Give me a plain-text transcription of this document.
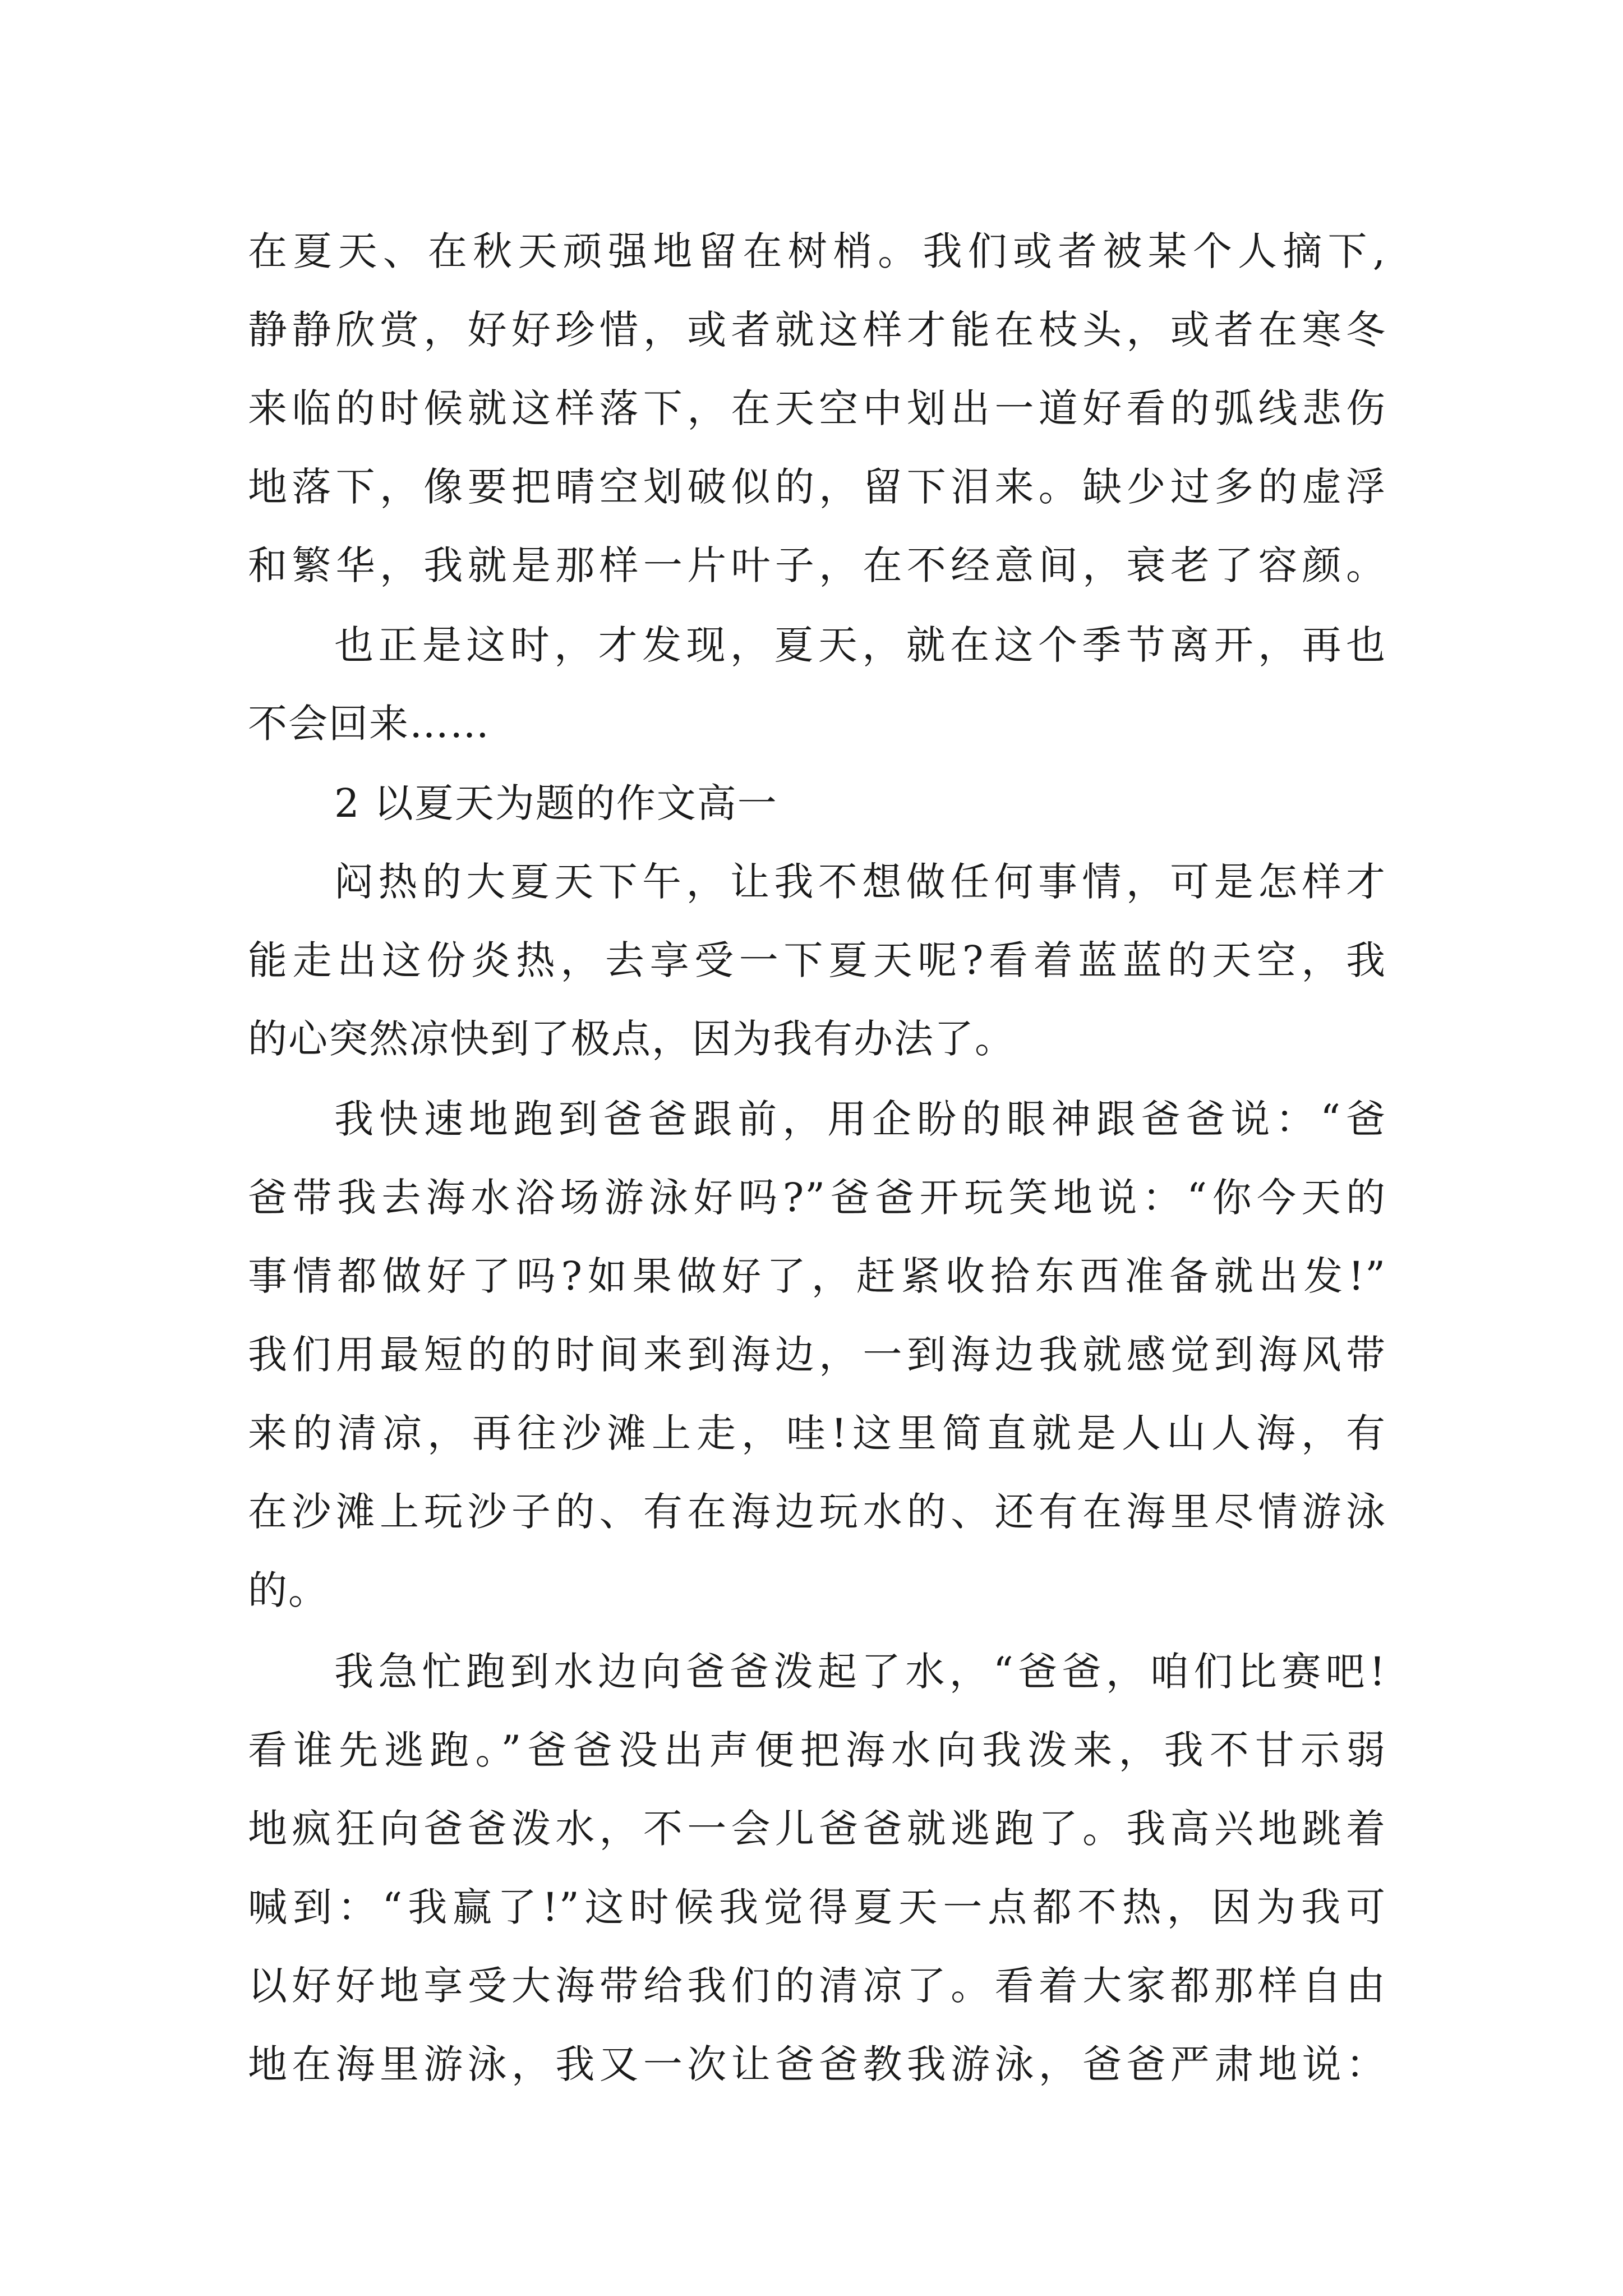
在夏天、在秋天顽强地留在树梢。我们或者被某个人摘下,

静静欣赏，好好珍惜，或者就这样才能在枝头，或者在寒冬

来临的时候就这样落下，在天空中划出一道好看的弧线悲伤

地落下，像要把晴空划破似的，留下泪来。缺少过多的虚浮

和繁华，我就是那样一片叶子，在不经意间，衰老了容颜。

也正是这时，才发现，夏天，就在这个季节离开，再也

不会回来……

2 以夏天为题的作文高一

闷热的大夏天下午，让我不想做任何事情，可是怎样才

能走出这份炎热，去享受一下夏天呢?看着蓝蓝的天空，我

的心突然凉快到了极点，因为我有办法了。

我快速地跑到爸爸跟前，用企盼的眼神跟爸爸说：“爸

爸带我去海水浴场游泳好吗?”爸爸开玩笑地说：“你今天的

事情都做好了吗?如果做好了，赶紧收拾东西准备就出发!”

我们用最短的的时间来到海边，一到海边我就感觉到海风带

来的清凉，再往沙滩上走，哇!这里简直就是人山人海，有

在沙滩上玩沙子的、有在海边玩水的、还有在海里尽情游泳

的。

我急忙跑到水边向爸爸泼起了水，“爸爸，咱们比赛吧!

看谁先逃跑。”爸爸没出声便把海水向我泼来，我不甘示弱

地疯狂向爸爸泼水，不一会儿爸爸就逃跑了。我高兴地跳着

喊到：“我赢了!”这时候我觉得夏天一点都不热，因为我可

以好好地享受大海带给我们的清凉了。看着大家都那样自由

地在海里游泳，我又一次让爸爸教我游泳，爸爸严肃地说：
